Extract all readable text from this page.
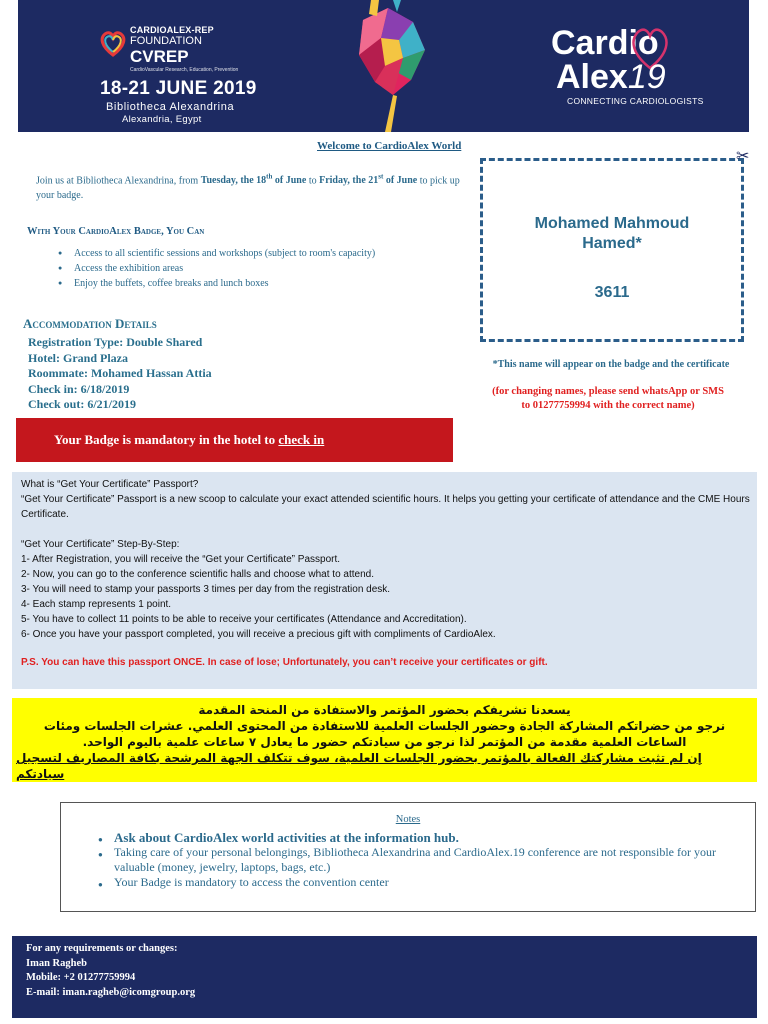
CARDIOALEX-REP
FOUNDATION
CVREP
CardioVascular Research, Education, Prevention
18-21 JUNE 2019
Bibliotheca Alexandrina
Alexandria, Egypt
Cardio
Alex19
CONNECTING CARDIOLOGISTS
Welcome to CardioAlex World
Join us at Bibliotheca Alexandrina, from Tuesday, the 18th of June to Friday, the 21st of June to pick up your badge.
With Your CardioAlex Badge, You Can
● Access to all scientific sessions and workshops (subject to room's capacity)
● Access the exhibition areas
● Enjoy the buffets, coffee breaks and lunch boxes
Accommodation Details
Registration Type: Double Shared
Hotel: Grand Plaza
Roommate: Mohamed Hassan Attia
Check in: 6/18/2019
Check out: 6/21/2019
✂
Mohamed Mahmoud
Hamed*
3611
*This name will appear on the badge and the certificate
(for changing names, please send whatsApp or SMS
to 01277759994 with the correct name)
Your Badge is mandatory in the hotel to check in
What is “Get Your Certificate” Passport?
“Get Your Certificate” Passport is a new scoop to calculate your exact attended scientific hours. It helps you getting your certificate of attendance and the CME Hours Certificate.
“Get Your Certificate” Step-By-Step:
1- After Registration, you will receive the “Get your Certificate” Passport.
2- Now, you can go to the conference scientific halls and choose what to attend.
3- You will need to stamp your passports 3 times per day from the registration desk.
4- Each stamp represents 1 point.
5- You have to collect 11 points to be able to receive your certificates (Attendance and Accreditation).
6- Once you have your passport completed, you will receive a precious gift with compliments of CardioAlex.
P.S. You can have this passport ONCE. In case of lose; Unfortunately, you can’t receive your certificates or gift.
يسعدنا تشريفكم بحضور المؤتمر والاستفادة من المنحة المقدمة
نرجو من حضراتكم المشاركة الجادة وحضور الجلسات العلمية للاستفادة من المحتوى العلمي. عشرات الجلسات ومئات
الساعات العلمية مقدمة من المؤتمر لذا نرجو من سيادتكم حضور ما يعادل ٧ ساعات علمية باليوم الواحد.
إن لم تثبت مشاركتك الفعالة بالمؤتمر بحضور الجلسات العلمية، سوف تتكلف الجهة المرشحة بكافة المصاريف لتسجيل سيادتكم
Notes
● Ask about CardioAlex world activities at the information hub.
● Taking care of your personal belongings, Bibliotheca Alexandrina and CardioAlex.19 conference are not responsible for your valuable (money, jewelry, laptops, bags, etc.)
● Your Badge is mandatory to access the convention center
For any requirements or changes:
Iman Ragheb
Mobile: +2 01277759994
E-mail: iman.ragheb@icomgroup.org
